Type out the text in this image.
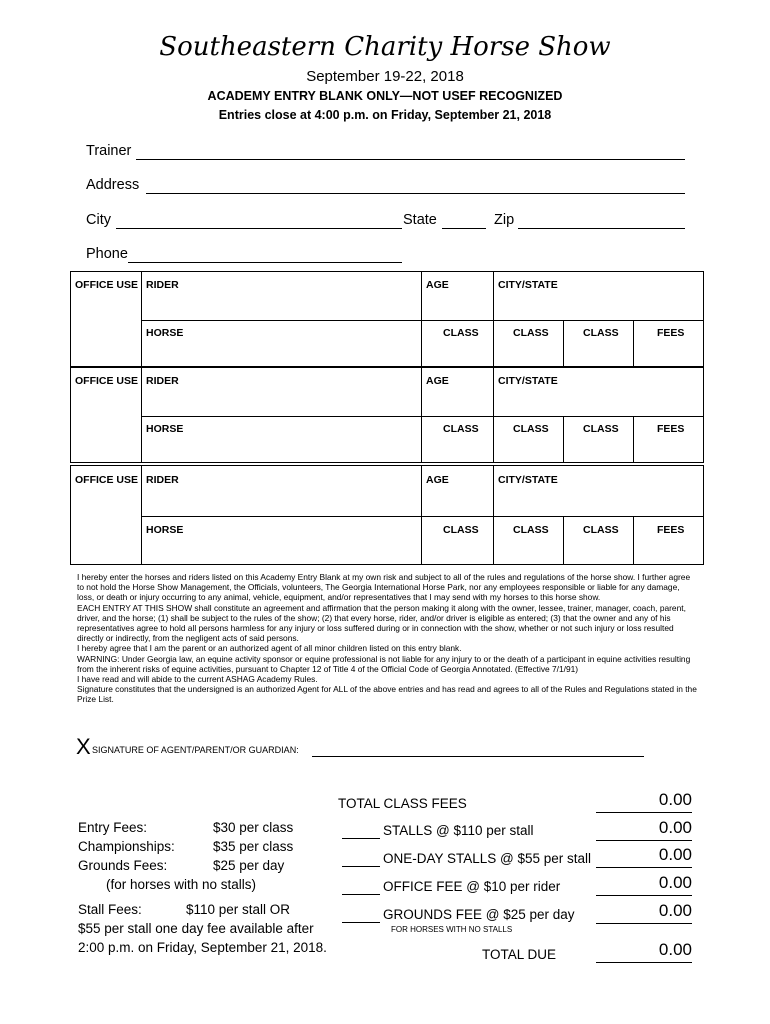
Southeastern Charity Horse Show
September 19-22, 2018
ACADEMY ENTRY BLANK ONLY—NOT USEF RECOGNIZED
Entries close at 4:00 p.m. on Friday, September 21, 2018
Trainer
Address
City	State	Zip
Phone
OFFICE USE RIDER	AGE	CITY/STATE
HORSE	CLASS	CLASS	CLASS	FEES
OFFICE USE RIDER	AGE	CITY/STATE
HORSE	CLASS	CLASS	CLASS	FEES
OFFICE USE RIDER	AGE	CITY/STATE
HORSE	CLASS	CLASS	CLASS	FEES

I hereby enter the horses and riders listed on this Academy Entry Blank at my own risk and subject to all of the rules and regulations of the horse show. I further agree to not hold the Horse Show Management, the Officials, volunteers, The Georgia International Horse Park, nor any employees responsible or liable for any damage, loss, or death or injury occurring to any animal, vehicle, equipment, and/or representatives that I may send with my horses to this horse show.

EACH ENTRY AT THIS SHOW shall constitute an agreement and affirmation that the person making it along with the owner, lessee, trainer, manager, coach, parent, driver, and the horse; (1) shall be subject to the rules of the show; (2) that every horse, rider, and/or driver is eligible as entered; (3) that the owner and any of his representatives agree to hold all persons harmless for any injury or loss suffered during or in connection with the show, whether or not such injury or loss resulted directly or indirectly, from the negligent acts of said persons.

I hereby agree that I am the parent or an authorized agent of all minor children listed on this entry blank.

WARNING: Under Georgia law, an equine activity sponsor or equine professional is not liable for any injury to or the death of a participant in equine activities resulting from the inherent risks of equine activities, pursuant to Chapter 12 of Title 4 of the Official Code of Georgia Annotated. (Effective 7/1/91)

I have read and will abide to the current ASHAG Academy Rules.

Signature constitutes that the undersigned is an authorized Agent for ALL of the above entries and has read and agrees to all of the Rules and Regulations stated in the Prize List.

X SIGNATURE OF AGENT/PARENT/OR GUARDIAN:
Entry Fees:	$30 per class
Championships:	$35 per class
Grounds Fees:	$25 per day
(for horses with no stalls)
Stall Fees:	$110 per stall OR
$55 per stall one day fee available after
2:00 p.m. on Friday, September 21, 2018.
TOTAL CLASS FEES	0.00
STALLS @ $110 per stall	0.00
ONE-DAY STALLS @ $55 per stall	0.00
OFFICE FEE @ $10 per rider	0.00
GROUNDS FEE @ $25 per day	0.00
FOR HORSES WITH NO STALLS
TOTAL DUE	0.00
